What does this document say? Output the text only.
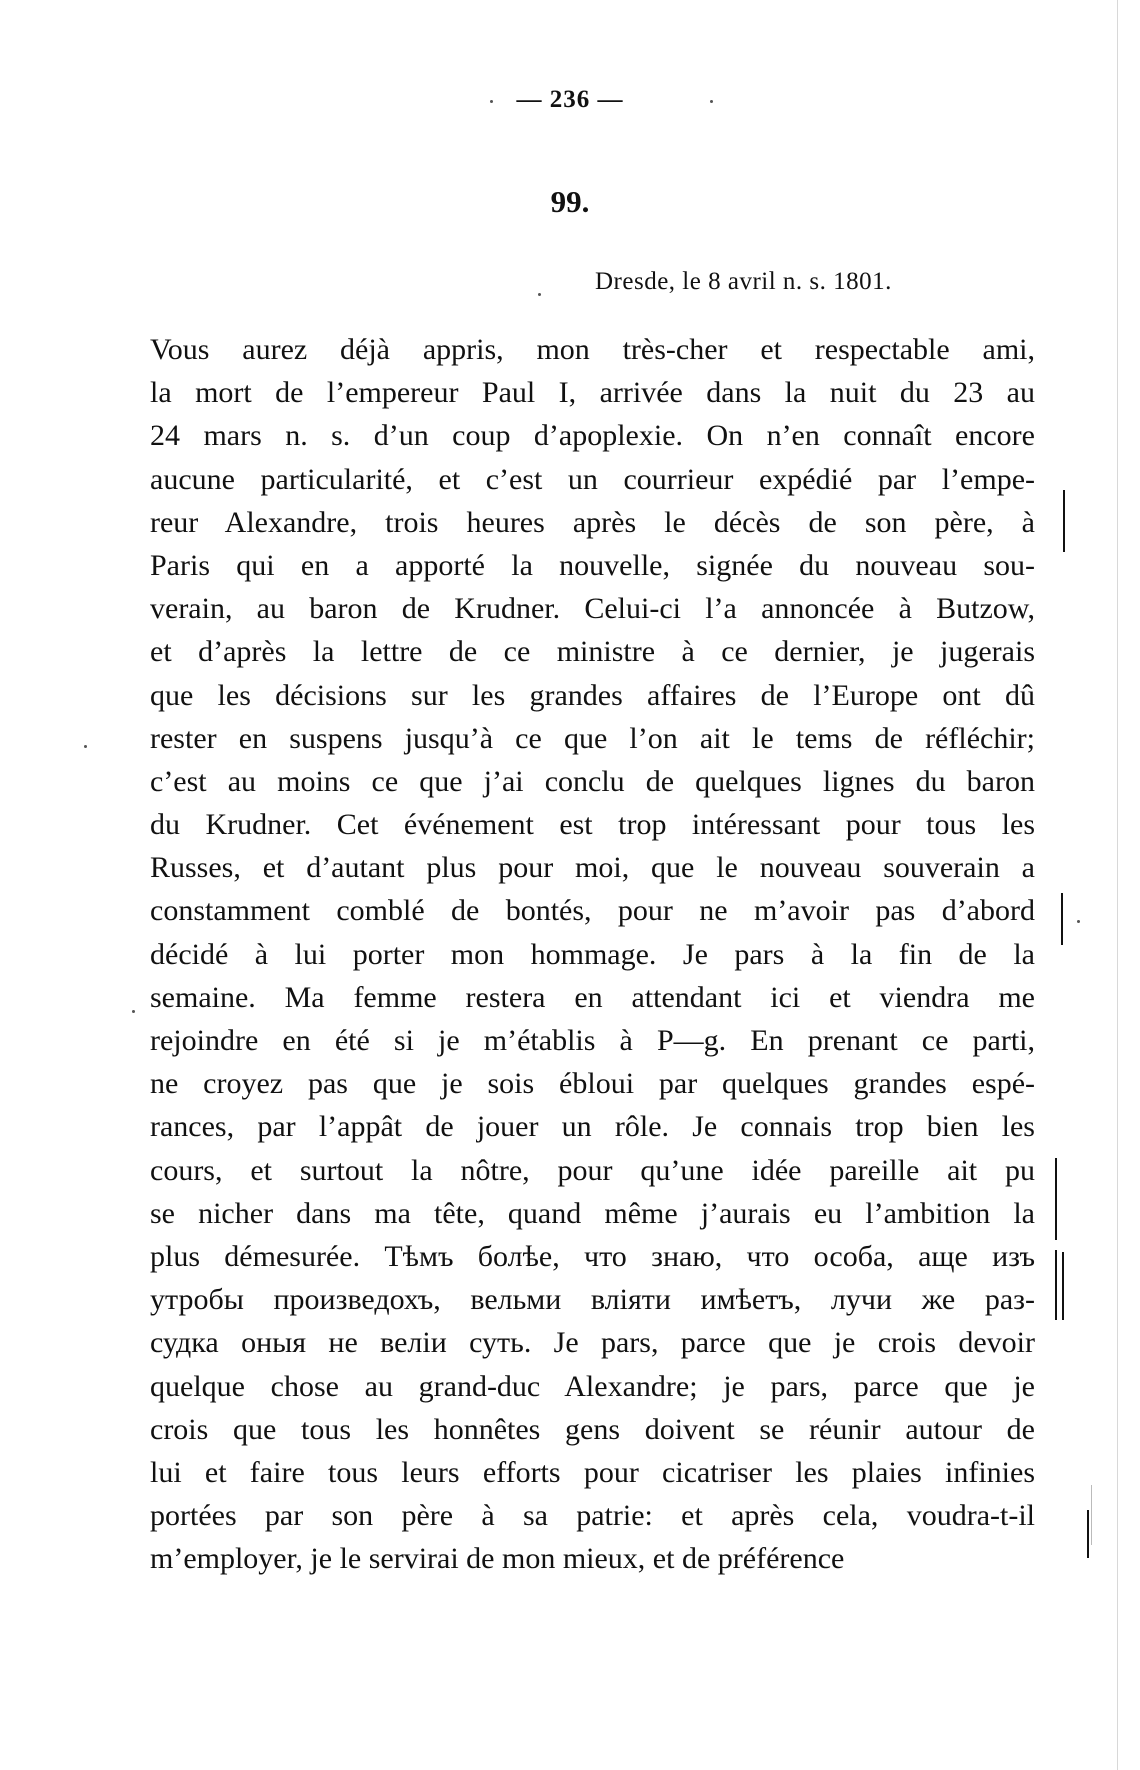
— 236 —
99.
Dresde, le 8 avril n. s. 1801.
Vous aurez déjà appris, mon très-cher et respectable ami,
la mort de l’empereur Paul I, arrivée dans la nuit du 23 au
24 mars n. s. d’un coup d’apoplexie. On n’en connaît encore
aucune particularité, et c’est un courrieur expédié par l’empe-
reur Alexandre, trois heures après le décès de son père, à
Paris qui en a apporté la nouvelle, signée du nouveau sou-
verain, au baron de Krudner. Celui-ci l’a annoncée à Butzow,
et d’après la lettre de ce ministre à ce dernier, je jugerais
que les décisions sur les grandes affaires de l’Europe ont dû
rester en suspens jusqu’à ce que l’on ait le tems de réfléchir;
c’est au moins ce que j’ai conclu de quelques lignes du baron
du Krudner. Cet événement est trop intéressant pour tous les
Russes, et d’autant plus pour moi, que le nouveau souverain a
constamment comblé de bontés, pour ne m’avoir pas d’abord
décidé à lui porter mon hommage. Je pars à la fin de la
semaine. Ma femme restera en attendant ici et viendra me
rejoindre en été si je m’établis à P—g. En prenant ce parti,
ne croyez pas que je sois ébloui par quelques grandes espé-
rances, par l’appât de jouer un rôle. Je connais trop bien les
cours, et surtout la nôtre, pour qu’une idée pareille ait pu
se nicher dans ma tête, quand même j’aurais eu l’ambition la
plus démesurée. Тѣмъ болѣе, что знаю, что особа, аще изъ
утробы произведохъ, вельми вліяти имѣетъ, лучи же раз-
судка оныя не велiи суть. Je pars, parce que je crois devoir
quelque chose au grand-duc Alexandre; je pars, parce que je
crois que tous les honnêtes gens doivent se réunir autour de
lui et faire tous leurs efforts pour cicatriser les plaies infinies
portées par son père à sa patrie: et après cela, voudra-t-il
m’employer, je le servirai de mon mieux, et de préférence
